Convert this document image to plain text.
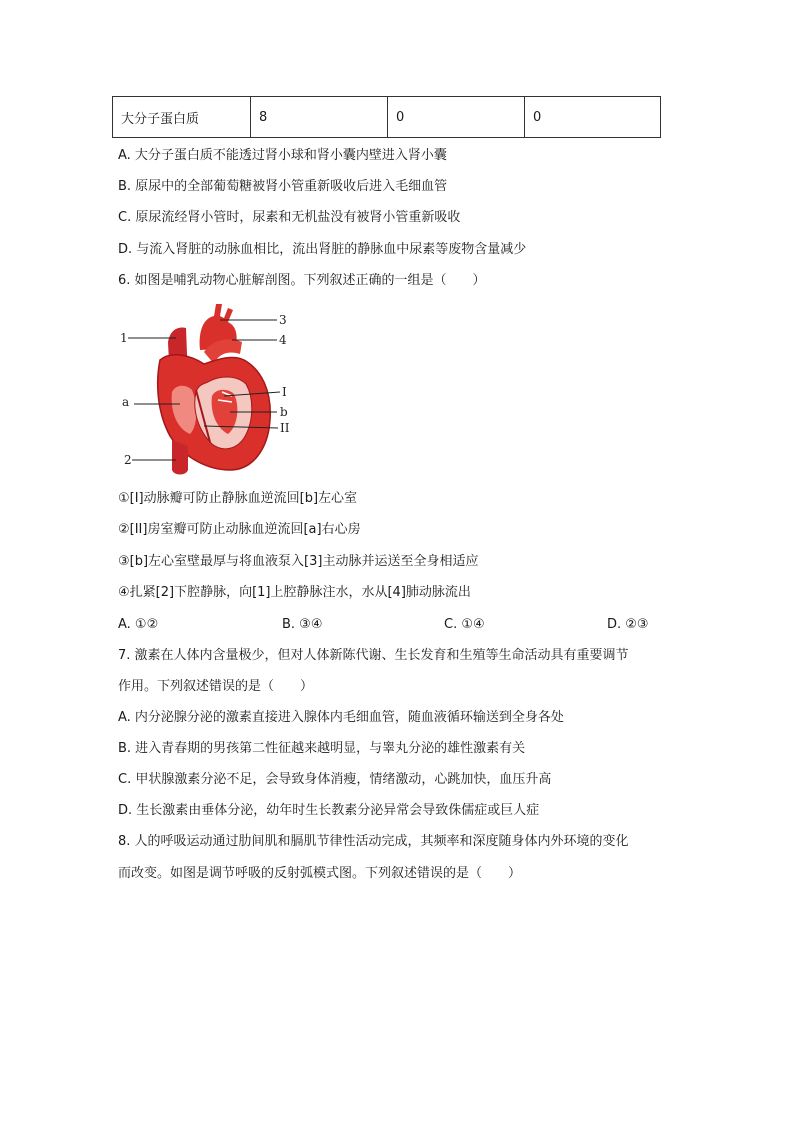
大分子蛋白质	8	0	0
A. 大分子蛋白质不能透过肾小球和肾小囊内壁进入肾小囊
B. 原尿中的全部葡萄糖被肾小管重新吸收后进入毛细血管
C. 原尿流经肾小管时，尿素和无机盐没有被肾小管重新吸收
D. 与流入肾脏的动脉血相比，流出肾脏的静脉血中尿素等废物含量减少
6. 如图是哺乳动物心脏解剖图。下列叙述正确的一组是（　　）
1
2
3
4
a
I
b
II
①[I]动脉瓣可防止静脉血逆流回[b]左心室
②[II]房室瓣可防止动脉血逆流回[a]右心房
③[b]左心室壁最厚与将血液泵入[3]主动脉并运送至全身相适应
④扎紧[2]下腔静脉，向[1]上腔静脉注水，水从[4]肺动脉流出
A. ①②	B. ③④	C. ①④	D. ②③
7. 激素在人体内含量极少，但对人体新陈代谢、生长发育和生殖等生命活动具有重要调节
作用。下列叙述错误的是（　　）
A. 内分泌腺分泌的激素直接进入腺体内毛细血管，随血液循环输送到全身各处
B. 进入青春期的男孩第二性征越来越明显，与睾丸分泌的雄性激素有关
C. 甲状腺激素分泌不足，会导致身体消瘦，情绪激动，心跳加快，血压升高
D. 生长激素由垂体分泌，幼年时生长教素分泌异常会导致侏儒症或巨人症
8. 人的呼吸运动通过肋间肌和膈肌节律性活动完成，其频率和深度随身体内外环境的变化
而改变。如图是调节呼吸的反射弧模式图。下列叙述错误的是（　　）
